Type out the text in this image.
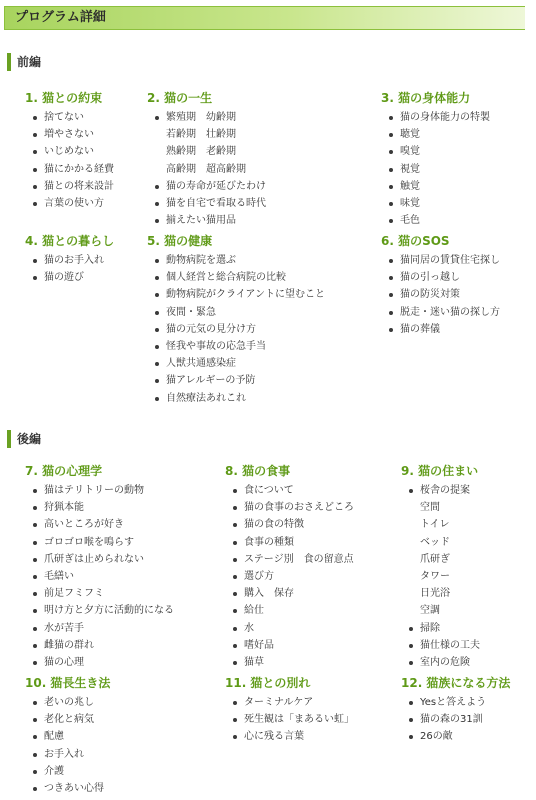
プログラム詳細
前編
後編
1. 猫との約束
捨てない
増やさない
いじめない
猫にかかる経費
猫との将来設計
言葉の使い方
2. 猫の一生
繁殖期　幼齢期
若齢期　壮齢期
熟齢期　老齢期
高齢期　超高齢期
猫の寿命が延びたわけ
猫を自宅で看取る時代
揃えたい猫用品
3. 猫の身体能力
猫の身体能力の特製
聴覚
嗅覚
視覚
触覚
味覚
毛色
4. 猫との暮らし
猫のお手入れ
猫の遊び
5. 猫の健康
動物病院を選ぶ
個人経営と総合病院の比較
動物病院がクライアントに望むこと
夜間・緊急
猫の元気の見分け方
怪我や事故の応急手当
人獣共通感染症
猫アレルギーの予防
自然療法あれこれ
6. 猫のSOS
猫同居の賃貸住宅探し
猫の引っ越し
猫の防災対策
脱走・迷い猫の探し方
猫の葬儀
7. 猫の心理学
猫はテリトリーの動物
狩猟本能
高いところが好き
ゴロゴロ喉を鳴らす
爪研ぎは止められない
毛繕い
前足フミフミ
明け方と夕方に活動的になる
水が苦手
雌猫の群れ
猫の心理
8. 猫の食事
食について
猫の食事のおさえどころ
猫の食の特徴
食事の種類
ステージ別　食の留意点
選び方
購入　保存
給仕
水
嗜好品
猫草
9. 猫の住まい
桜舎の提案
空間
トイレ
ベッド
爪研ぎ
タワー
日光浴
空調
掃除
猫仕様の工夫
室内の危険
10. 猫長生き法
老いの兆し
老化と病気
配慮
お手入れ
介護
つきあい心得
11. 猫との別れ
ターミナルケア
死生観は「まあるい虹」
心に残る言葉
12. 猫族になる方法
Yesと答えよう
猫の森の31訓
26の敵
